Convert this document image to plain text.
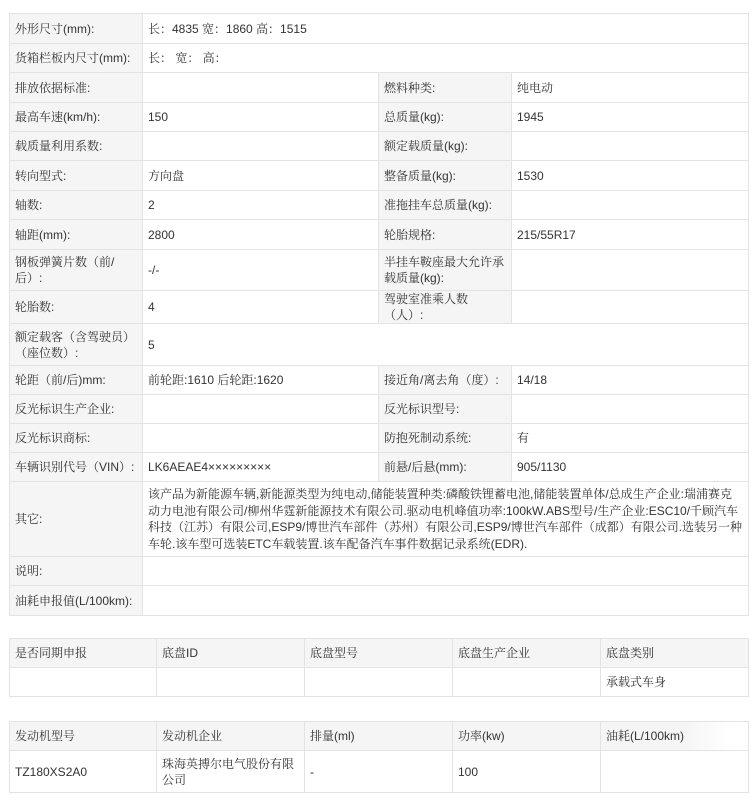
外形尺寸(mm):	长：4835 宽：1860 高：1515		
货箱栏板内尺寸(mm):	长： 宽： 高：		
排放依据标准:		燃料种类:	纯电动
最高车速(km/h):	150	总质量(kg):	1945
载质量利用系数:		额定载质量(kg):	
转向型式:	方向盘	整备质量(kg):	1530
轴数:	2	准拖挂车总质量(kg):	
轴距(mm):	2800	轮胎规格:	215/55R17
钢板弹簧片数（前/后）:	-/-	半挂车鞍座最大允许承载质量(kg):	
轮胎数:	4	驾驶室准乘人数（人）:	
额定载客（含驾驶员）（座位数）:	5		
轮距（前/后)mm:	前轮距:1610 后轮距:1620	接近角/离去角（度）:	14/18
反光标识生产企业:		反光标识型号:	
反光标识商标:		防抱死制动系统:	有
车辆识别代号（VIN）:	LK6AEAE4×××××××××	前悬/后悬(mm):	905/1130
其它:	该产品为新能源车辆,新能源类型为纯电动,储能装置种类:磷酸铁锂蓄电池,储能装置单体/总成生产企业:瑞浦赛克动力电池有限公司/柳州华霆新能源技术有限公司.驱动电机峰值功率:100kW.ABS型号/生产企业:ESC10/千顾汽车科技（江苏）有限公司,ESP9/博世汽车部件（苏州）有限公司,ESP9/博世汽车部件（成都）有限公司.选装另一种车轮.该车型可选装ETC车载装置.该车配备汽车事件数据记录系统(EDR).		
说明:			
油耗申报值(L/100km):			
是否同期申报	底盘ID	底盘型号	底盘生产企业	底盘类别
				承载式车身
发动机型号	发动机企业	排量(ml)	功率(kw)	油耗(L/100km)
TZ180XS2A0	珠海英搏尔电气股份有限公司	-	100	
